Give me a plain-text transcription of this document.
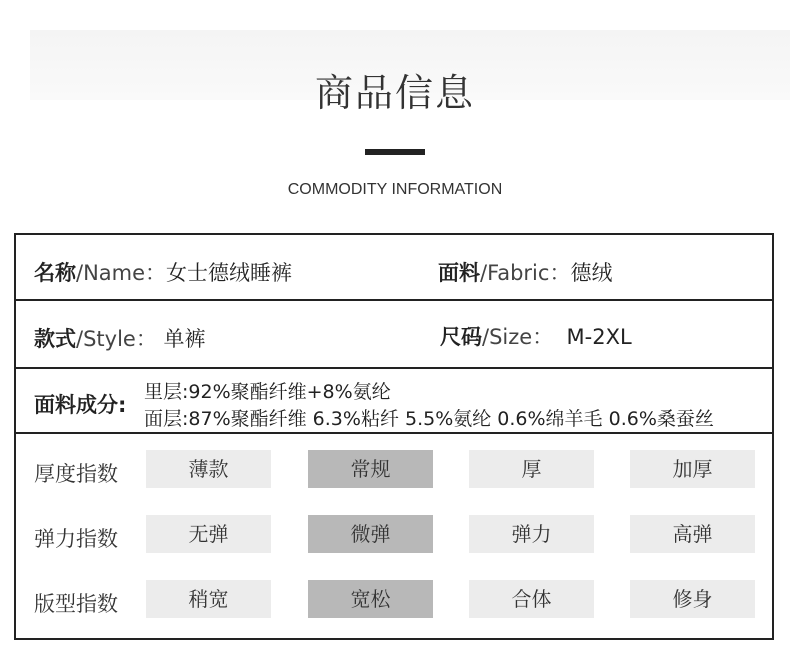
商品信息
COMMODITY INFORMATION
名称/Name：女士德绒睡裤	面料/Fabric：德绒
款式/Style： 单裤	尺码/Size：  M-2XL
面料成分:
里层:92%聚酯纤维+8%氨纶
面层:87%聚酯纤维 6.3%粘纤 5.5%氨纶 0.6%绵羊毛 0.6%桑蚕丝
厚度指数	薄款	常规	厚	加厚
弹力指数	无弹	微弹	弹力	高弹
版型指数	稍宽	宽松	合体	修身
